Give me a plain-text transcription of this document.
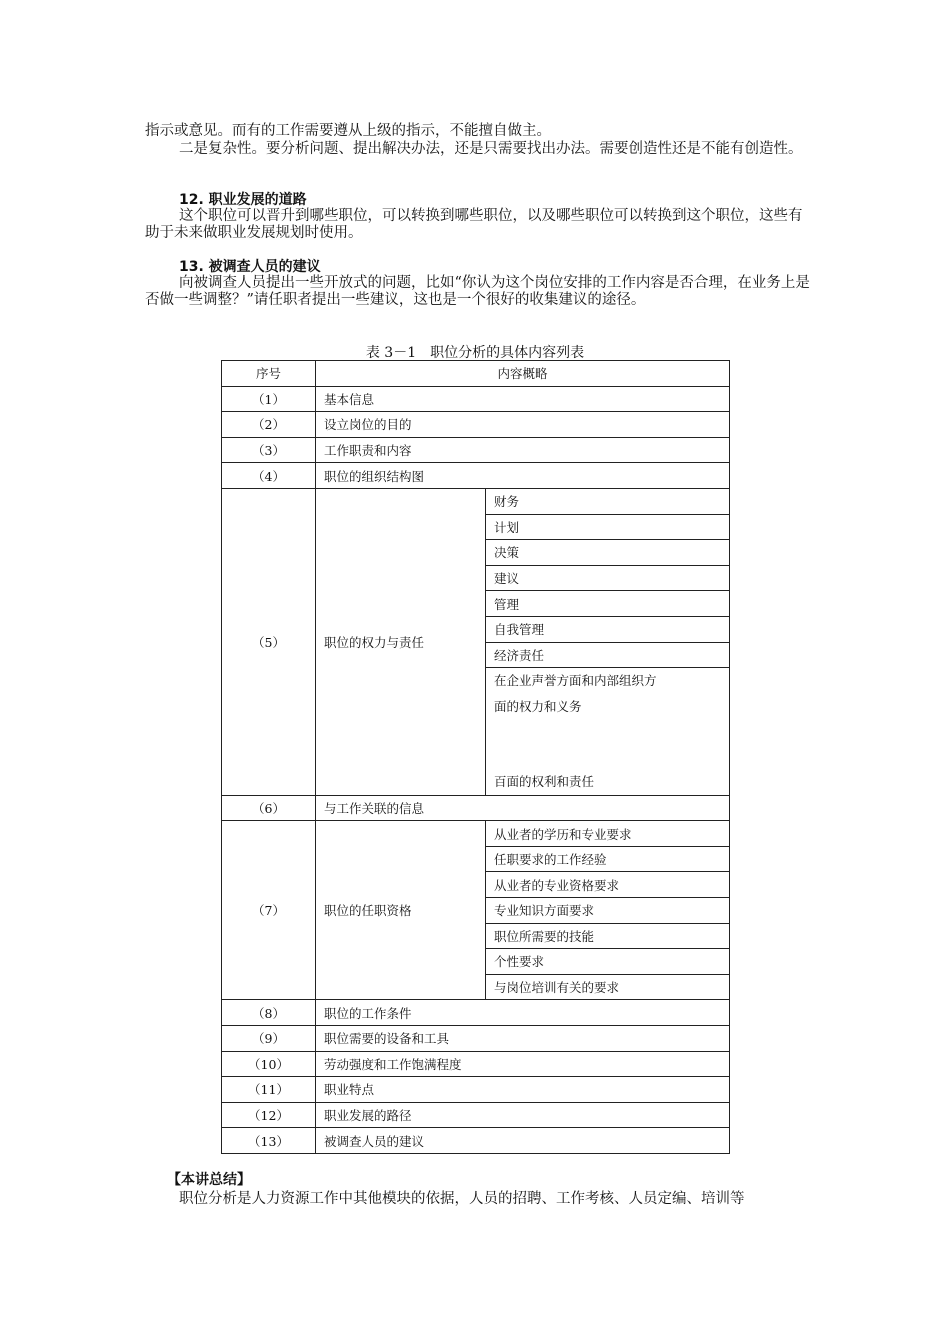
指示或意见。而有的工作需要遵从上级的指示，不能擅自做主。

二是复杂性。要分析问题、提出解决办法，还是只需要找出办法。需要创造性还是不能有创造性。

12. 职业发展的道路

这个职位可以晋升到哪些职位，可以转换到哪些职位，以及哪些职位可以转换到这个职位，这些有助于未来做职业发展规划时使用。

13. 被调查人员的建议

向被调查人员提出一些开放式的问题，比如“你认为这个岗位安排的工作内容是否合理，在业务上是否做一些调整？”请任职者提出一些建议，这也是一个很好的收集建议的途径。

表 3－1　职位分析的具体内容列表
序号	内容概略	
（1）	基本信息	
（2）	设立岗位的目的	
（3）	工作职责和内容	
（4）	职位的组织结构图	
（5）	职位的权力与责任	财务
		计划
		决策
		建议
		管理
		自我管理
		经济责任

		在企业声誉方面和内部组织方
面的权力和义务
百面的权利和责任

（6）	与工作关联的信息	
（7）	职位的任职资格	从业者的学历和专业要求
		任职要求的工作经验
		从业者的专业资格要求
		专业知识方面要求
		职位所需要的技能
		个性要求
		与岗位培训有关的要求
（8）	职位的工作条件	
（9）	职位需要的设备和工具	
（10）	劳动强度和工作饱满程度	
（11）	职业特点	
（12）	职业发展的路径	
（13）	被调查人员的建议	
【本讲总结】
职位分析是人力资源工作中其他模块的依据，人员的招聘、工作考核、人员定编、培训等
